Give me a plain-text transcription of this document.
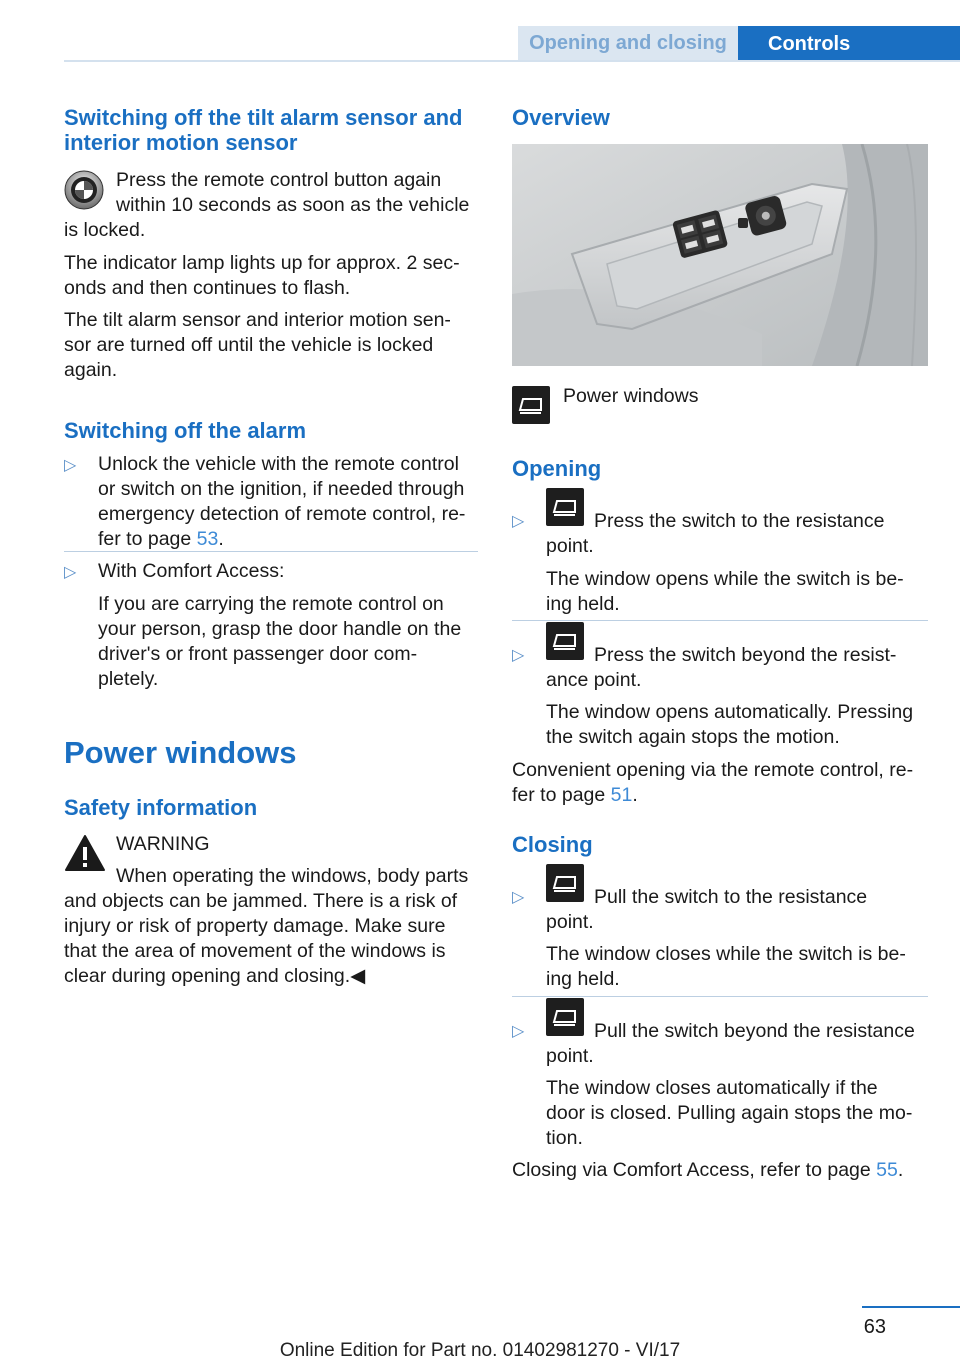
Opening and closing	Controls
Switching off the tilt alarm sensor and
interior motion sensor
Press the remote control button again
within 10 seconds as soon as the vehicle
is locked.
The indicator lamp lights up for approx. 2 sec‐
onds and then continues to flash.
The tilt alarm sensor and interior motion sen‐
sor are turned off until the vehicle is locked
again.
Switching off the alarm
▷ Unlock the vehicle with the remote control
or switch on the ignition, if needed through
emergency detection of remote control, re‐
fer to page 53.
▷ With Comfort Access:
If you are carrying the remote control on
your person, grasp the door handle on the
driver's or front passenger door com‐
pletely.
Power windows
Safety information
WARNING
When operating the windows, body parts
and objects can be jammed. There is a risk of
injury or risk of property damage. Make sure
that the area of movement of the windows is
clear during opening and closing.◀
Overview
Power windows
Opening
▷	Press the switch to the resistance
point.
The window opens while the switch is be‐
ing held.
▷	Press the switch beyond the resist‐
ance point.
The window opens automatically. Pressing
the switch again stops the motion.
Convenient opening via the remote control, re‐
fer to page 51.
Closing
▷	Pull the switch to the resistance
point.
The window closes while the switch is be‐
ing held.
▷	Pull the switch beyond the resistance
point.
The window closes automatically if the
door is closed. Pulling again stops the mo‐
tion.
Closing via Comfort Access, refer to page 55.
63
Online Edition for Part no. 01402981270 - VI/17
